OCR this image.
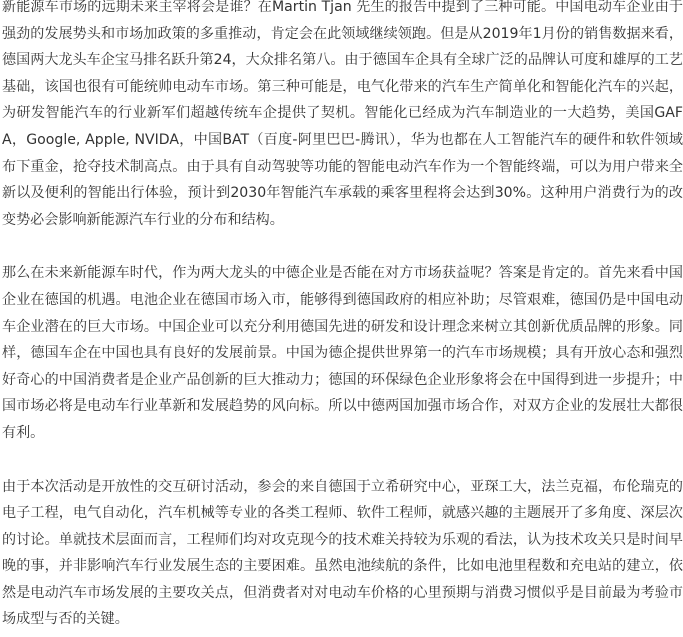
新能源车市场的远期未来主宰将会是谁？在Martin Tjan 先生的报告中提到了三种可能。中国电动车企业由于强劲的发展势头和市场加政策的多重推动，肯定会在此领域继续领跑。但是从2019年1月份的销售数据来看，德国两大龙头车企宝马排名跃升第24，大众排名第八。由于德国车企具有全球广泛的品牌认可度和雄厚的工艺基础，该国也很有可能统帅电动车市场。第三种可能是，电气化带来的汽车生产简单化和智能化汽车的兴起，为研发智能汽车的行业新军们超越传统车企提供了契机。智能化已经成为汽车制造业的一大趋势，美国GAFA，Google, Apple, NVIDA，中国BAT（百度-阿里巴巴-腾讯），华为也都在人工智能汽车的硬件和软件领域布下重金，抢夺技术制高点。由于具有自动驾驶等功能的智能电动汽车作为一个智能终端，可以为用户带来全新以及便利的智能出行体验，预计到2030年智能汽车承载的乘客里程将会达到30%。这种用户消费行为的改变势必会影响新能源汽车行业的分布和结构。

那么在未来新能源车时代，作为两大龙头的中德企业是否能在对方市场获益呢？答案是肯定的。首先来看中国企业在德国的机遇。电池企业在德国市场入市，能够得到德国政府的相应补助；尽管艰难，德国仍是中国电动车企业潜在的巨大市场。中国企业可以充分利用德国先进的研发和设计理念来树立其创新优质品牌的形象。同样，德国车企在中国也具有良好的发展前景。中国为德企提供世界第一的汽车市场规模；具有开放心态和强烈好奇心的中国消费者是企业产品创新的巨大推动力；德国的环保绿色企业形象将会在中国得到进一步提升；中国市场必将是电动车行业革新和发展趋势的风向标。所以中德两国加强市场合作，对双方企业的发展壮大都很有利。

由于本次活动是开放性的交互研讨活动，参会的来自德国于立希研究中心，亚琛工大，法兰克福，布伦瑞克的电子工程，电气自动化，汽车机械等专业的各类工程师、软件工程师，就感兴趣的主题展开了多角度、深层次的讨论。单就技术层面而言，工程师们均对攻克现今的技术难关持较为乐观的看法，认为技术攻关只是时间早晚的事，并非影响汽车行业发展生态的主要困难。虽然电池续航的条件，比如电池里程数和充电站的建立，依然是电动汽车市场发展的主要攻关点，但消费者对对电动车价格的心里预期与消费习惯似乎是目前最为考验市场成型与否的关键。
